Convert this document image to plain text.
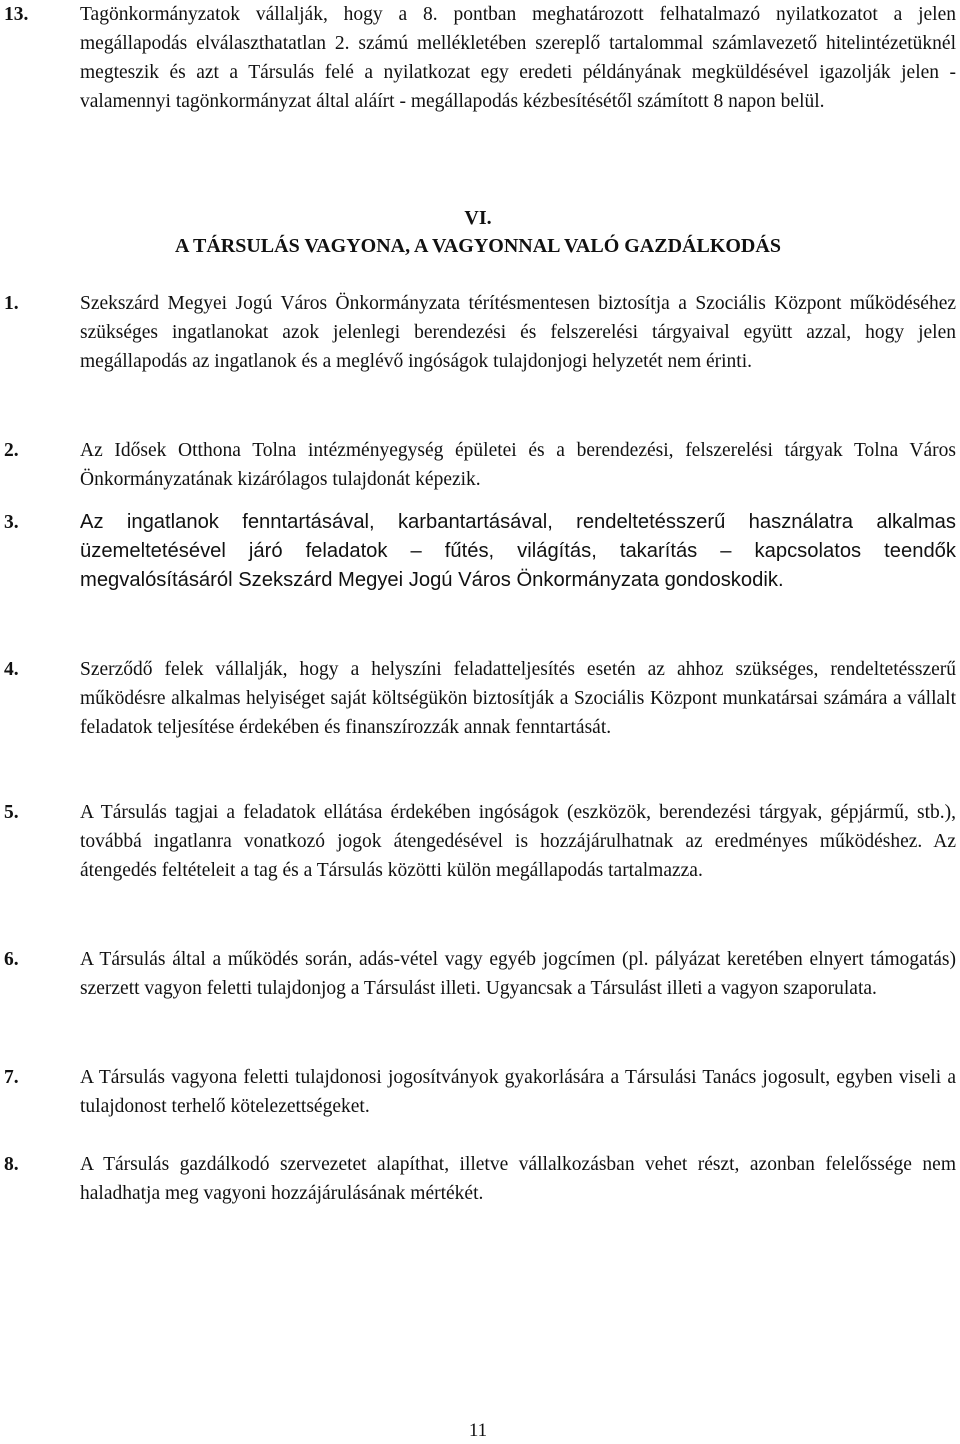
13.	Tagönkormányzatok vállalják, hogy a 8. pontban meghatározott felhatalmazó nyilatkozatot a jelen megállapodás elválaszthatatlan 2. számú mellékletében szereplő tartalommal számlavezető hitelintézetüknél megteszik és azt a Társulás felé a nyilatkozat egy eredeti példányának megküldésével igazolják jelen - valamennyi tagönkormányzat által aláírt - megállapodás kézbesítésétől számított 8 napon belül.
VI.
A TÁRSULÁS VAGYONA, A VAGYONNAL VALÓ GAZDÁLKODÁS
1.	Szekszárd Megyei Jogú Város Önkormányzata térítésmentesen biztosítja a Szociális Központ működéséhez szükséges ingatlanokat azok jelenlegi berendezési és felszerelési tárgyaival együtt azzal, hogy jelen megállapodás az ingatlanok és a meglévő ingóságok tulajdonjogi helyzetét nem érinti.
2.	Az Idősek Otthona Tolna intézményegység épületei és a berendezési, felszerelési tárgyak Tolna Város Önkormányzatának kizárólagos tulajdonát képezik.
3.	Az ingatlanok fenntartásával, karbantartásával, rendeltetésszerű használatra alkalmas üzemeltetésével járó feladatok – fűtés, világítás, takarítás – kapcsolatos teendők megvalósításáról Szekszárd Megyei Jogú Város Önkormányzata gondoskodik.
4.	Szerződő felek vállalják, hogy a helyszíni feladatteljesítés esetén az ahhoz szükséges, rendeltetésszerű működésre alkalmas helyiséget saját költségükön biztosítják a Szociális Központ munkatársai számára a vállalt feladatok teljesítése érdekében és finanszírozzák annak fenntartását.
5.	A Társulás tagjai a feladatok ellátása érdekében ingóságok (eszközök, berendezési tárgyak, gépjármű, stb.), továbbá ingatlanra vonatkozó jogok átengedésével is hozzájárulhatnak az eredményes működéshez. Az átengedés feltételeit a tag és a Társulás közötti külön megállapodás tartalmazza.
6.	A Társulás által a működés során, adás-vétel vagy egyéb jogcímen (pl. pályázat keretében elnyert támogatás) szerzett vagyon feletti tulajdonjog a Társulást illeti. Ugyancsak a Társulást illeti a vagyon szaporulata.
7.	A Társulás vagyona feletti tulajdonosi jogosítványok gyakorlására a Társulási Tanács jogosult, egyben viseli a tulajdonost terhelő kötelezettségeket.
8.	A Társulás gazdálkodó szervezetet alapíthat, illetve vállalkozásban vehet részt, azonban felelőssége nem haladhatja meg vagyoni hozzájárulásának mértékét.
11
